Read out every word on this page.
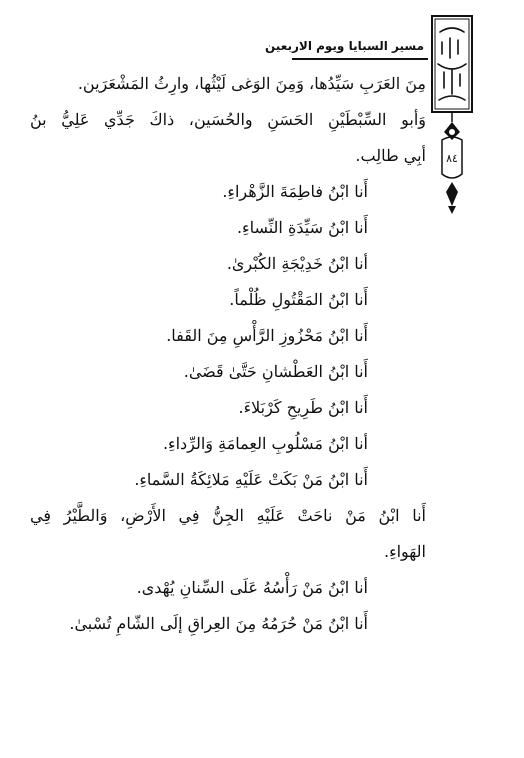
مسير السبايا ويوم الاربعين
٨٤
مِنَ العَرَبِ سَيِّدُها، وَمِنَ الوَغى لَيْثُها، وارِثُ المَشْعَرَين.
وَأبو السِّبْطَيْنِ الحَسَنِ والحُسَين، ذاكَ جَدِّي عَلِيُّ بنُ
أبِي طالِب.
أَنا ابْنُ فاطِمَةَ الزَّهْراءِ.
أَنا ابْنُ سَيِّدَةِ النِّساءِ.
أنا ابْنُ خَدِيْجَةِ الكُبْرىٰ.
أَنا ابْنُ المَقْتُولِ ظُلْماً.
أَنا ابْنُ مَحْزُوزِ الرَّأْسِ مِنَ القَفا.
أَنا ابْنُ العَطْشانِ حَتَّىٰ قَضَىٰ.
أَنا ابْنُ طَرِيحِ كَرْبَلاءَ.
أنا ابْنُ مَسْلُوبِ العِمامَةِ وَالرِّداءِ.
أَنا ابْنُ مَنْ بَكَتْ عَلَيْهِ مَلائِكَةُ السَّماءِ.
أَنا ابْنُ مَنْ ناحَتْ عَلَيْهِ الجِنُّ فِي الأَرْضِ، وَالطَّيْرُ فِي
الهَواءِ.
أنا ابْنُ مَنْ رَأْسُهُ عَلَى السِّنانِ يُهْدى.
أَنا ابْنُ مَنْ حُرَمُهُ مِنَ العِراقِ إلَى الشّامِ تُسْبىٰ.
